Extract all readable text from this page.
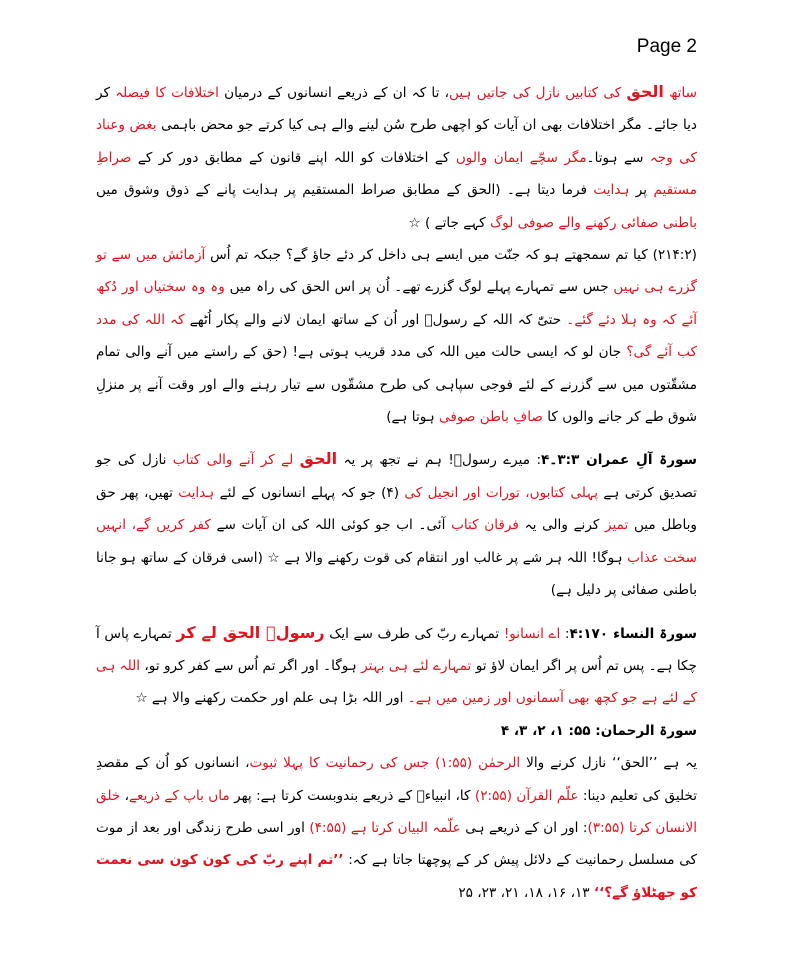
Page 2

ساتھ الحق کی کتابیں نازل کی جاتیں ہیں، تا کہ ان کے ذریعے انسانوں کے درمیان اختلافات کا فیصلہ کر دیا جائے۔ مگر اختلافات بھی ان آیات کو اچھی طرح سُن لینے والے ہی کیا کرتے جو محض باہمی بغض وعناد کی وجہ سے ہوتا۔مگر سچّے ایمان والوں کے اختلافات کو اللہ اپنے قانون کے مطابق دور کر کے صراطِ مستقیم پر ہدایت فرما دیتا ہے۔ (الحق کے مطابق صراط المستقیم پر ہدایت پانے کے ذوق وشوق میں باطنی صفائی رکھنے والے صوفی لوگ کہے جاتے ) ☆

(۲۱۴:۲) کیا تم سمجھتے ہو کہ جنّت میں ایسے ہی داخل کر دئے جاؤ گے؟ جبکہ تم اُس آزمائش میں سے تو گزرے ہی نہیں جس سے تمہارے پہلے لوگ گزرے تھے۔ اُن پر اس الحق کی راہ میں وہ وہ سختیاں اور دُکھ آئے کہ وہ ہلا دئے گئے۔ حتیّٰ کہ اللہ کے رسولؐ اور اُن کے ساتھ ایمان لانے والے پکار اُٹھے کہ اللہ کی مدد کب آئے گی؟ جان لو کہ ایسی حالت میں اللہ کی مدد قریب ہوتی ہے! (حق کے راستے میں آنے والی تمام مشقّتوں میں سے گزرنے کے لئے فوجی سپاہی کی طرح مشقّوں سے تیار رہنے والے اور وقت آنے پر منزلِ شوق طے کر جانے والوں کا صافِ باطن صوفی ہوتا ہے)

سورۃ آلِ عمران ۳:۳۔۴: میرے رسولؐ! ہم نے تجھ پر یہ الحق لے کر آنے والی کتاب نازل کی جو تصدیق کرتی ہے پہلی کتابوں، تورات اور انجیل کی (۴) جو کہ پہلے انسانوں کے لئے ہدایت تھیں، پھر حق وباطل میں تمیز کرنے والی یہ فرقان کتاب آئی۔ اب جو کوئی اللہ کی ان آیات سے کفر کریں گے، انہیں سخت عذاب ہوگا! اللہ ہر شے پر غالب اور انتقام کی قوت رکھنے والا ہے ☆ (اسی فرقان کے ساتھ ہو جانا باطنی صفائی پر دلیل ہے)

سورۃ النساء ۴:۱۷۰: اے انسانو! تمہارے ربّ کی طرف سے ایک رسولؐ الحق لے کر تمہارے پاس آ چکا ہے۔ پس تم اُس پر اگر ایمان لاؤ تو تمہارے لئے ہی بہتر ہوگا۔ اور اگر تم اُس سے کفر کرو تو، اللہ ہی کے لئے ہے جو کچھ بھی آسمانوں اور زمین میں ہے۔ اور اللہ بڑا ہی علم اور حکمت رکھنے والا ہے ☆

سورۃ الرحمان: ۵۵: ۱، ۲، ۳، ۴

یہ ہے ’’الحق‘‘ نازل کرنے والا الرحمٰن (۱:۵۵) جس کی رحمانیت کا پہلا ثبوت، انسانوں کو اُن کے مقصدِ تخلیق کی تعلیم دینا: علّم القرآن (۲:۵۵) کا، انبیاءؑ کے ذریعے بندوبست کرتا ہے: پھر ماں باپ کے ذریعے، خلق الانسان کرتا (۳:۵۵): اور ان کے ذریعے ہی علّمہ البیان کرتا ہے (۴:۵۵) اور اسی طرح زندگی اور بعد از موت کی مسلسل رحمانیت کے دلائل پیش کر کے پوچھتا جاتا ہے کہ: ’’تم اپنے ربّ کی کون کون سی نعمت کو جھٹلاؤ گے؟‘‘ ۱۳، ۱۶، ۱۸، ۲۱، ۲۳، ۲۵
